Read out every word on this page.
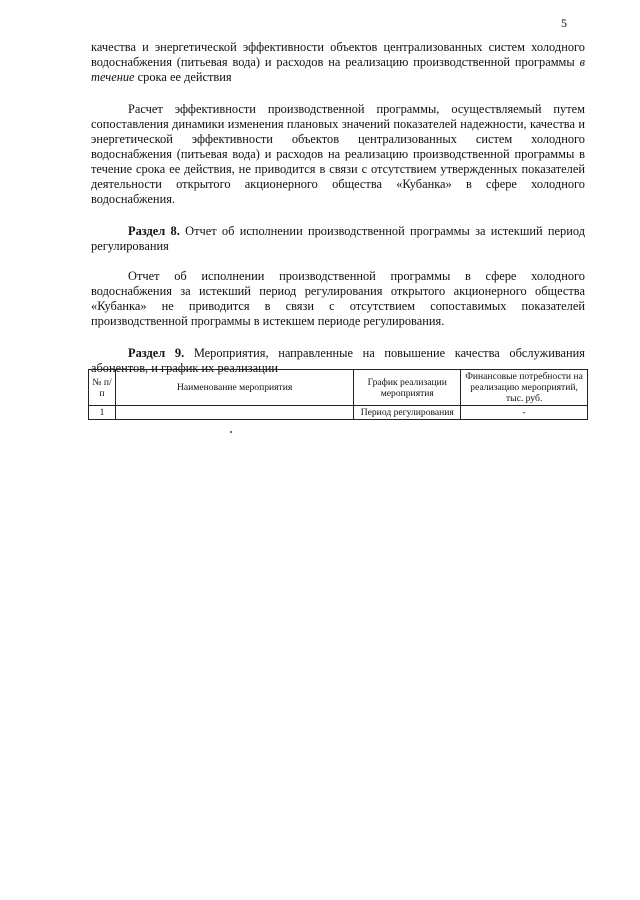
5

качества и энергетической эффективности объектов централизованных систем холодного водоснабжения (питьевая вода) и расходов на реализацию производственной программы в течение срока ее действия

Расчет эффективности производственной программы, осуществляемый путем сопоставления динамики изменения плановых значений показателей надежности, качества и энергетической эффективности объектов централизованных систем холодного водоснабжения (питьевая вода) и расходов на реализацию производственной программы в течение срока ее действия, не приводится в связи с отсутствием утвержденных показателей деятельности открытого акционерного общества «Кубанка» в сфере холодного водоснабжения.

Раздел 8. Отчет об исполнении производственной программы за истекший период регулирования

Отчет об исполнении производственной программы в сфере холодного водоснабжения за истекший период регулирования открытого акционерного общества «Кубанка» не приводится в связи с отсутствием сопоставимых показателей производственной программы в истекшем периоде регулирования.

Раздел 9. Мероприятия, направленные на повышение качества обслуживания абонентов, и график их реализации

№ п/п	Наименование мероприятия	График реализации мероприятия	Финансовые потребности на реализацию мероприятий, тыс. руб.
1		Период регулирования	-
